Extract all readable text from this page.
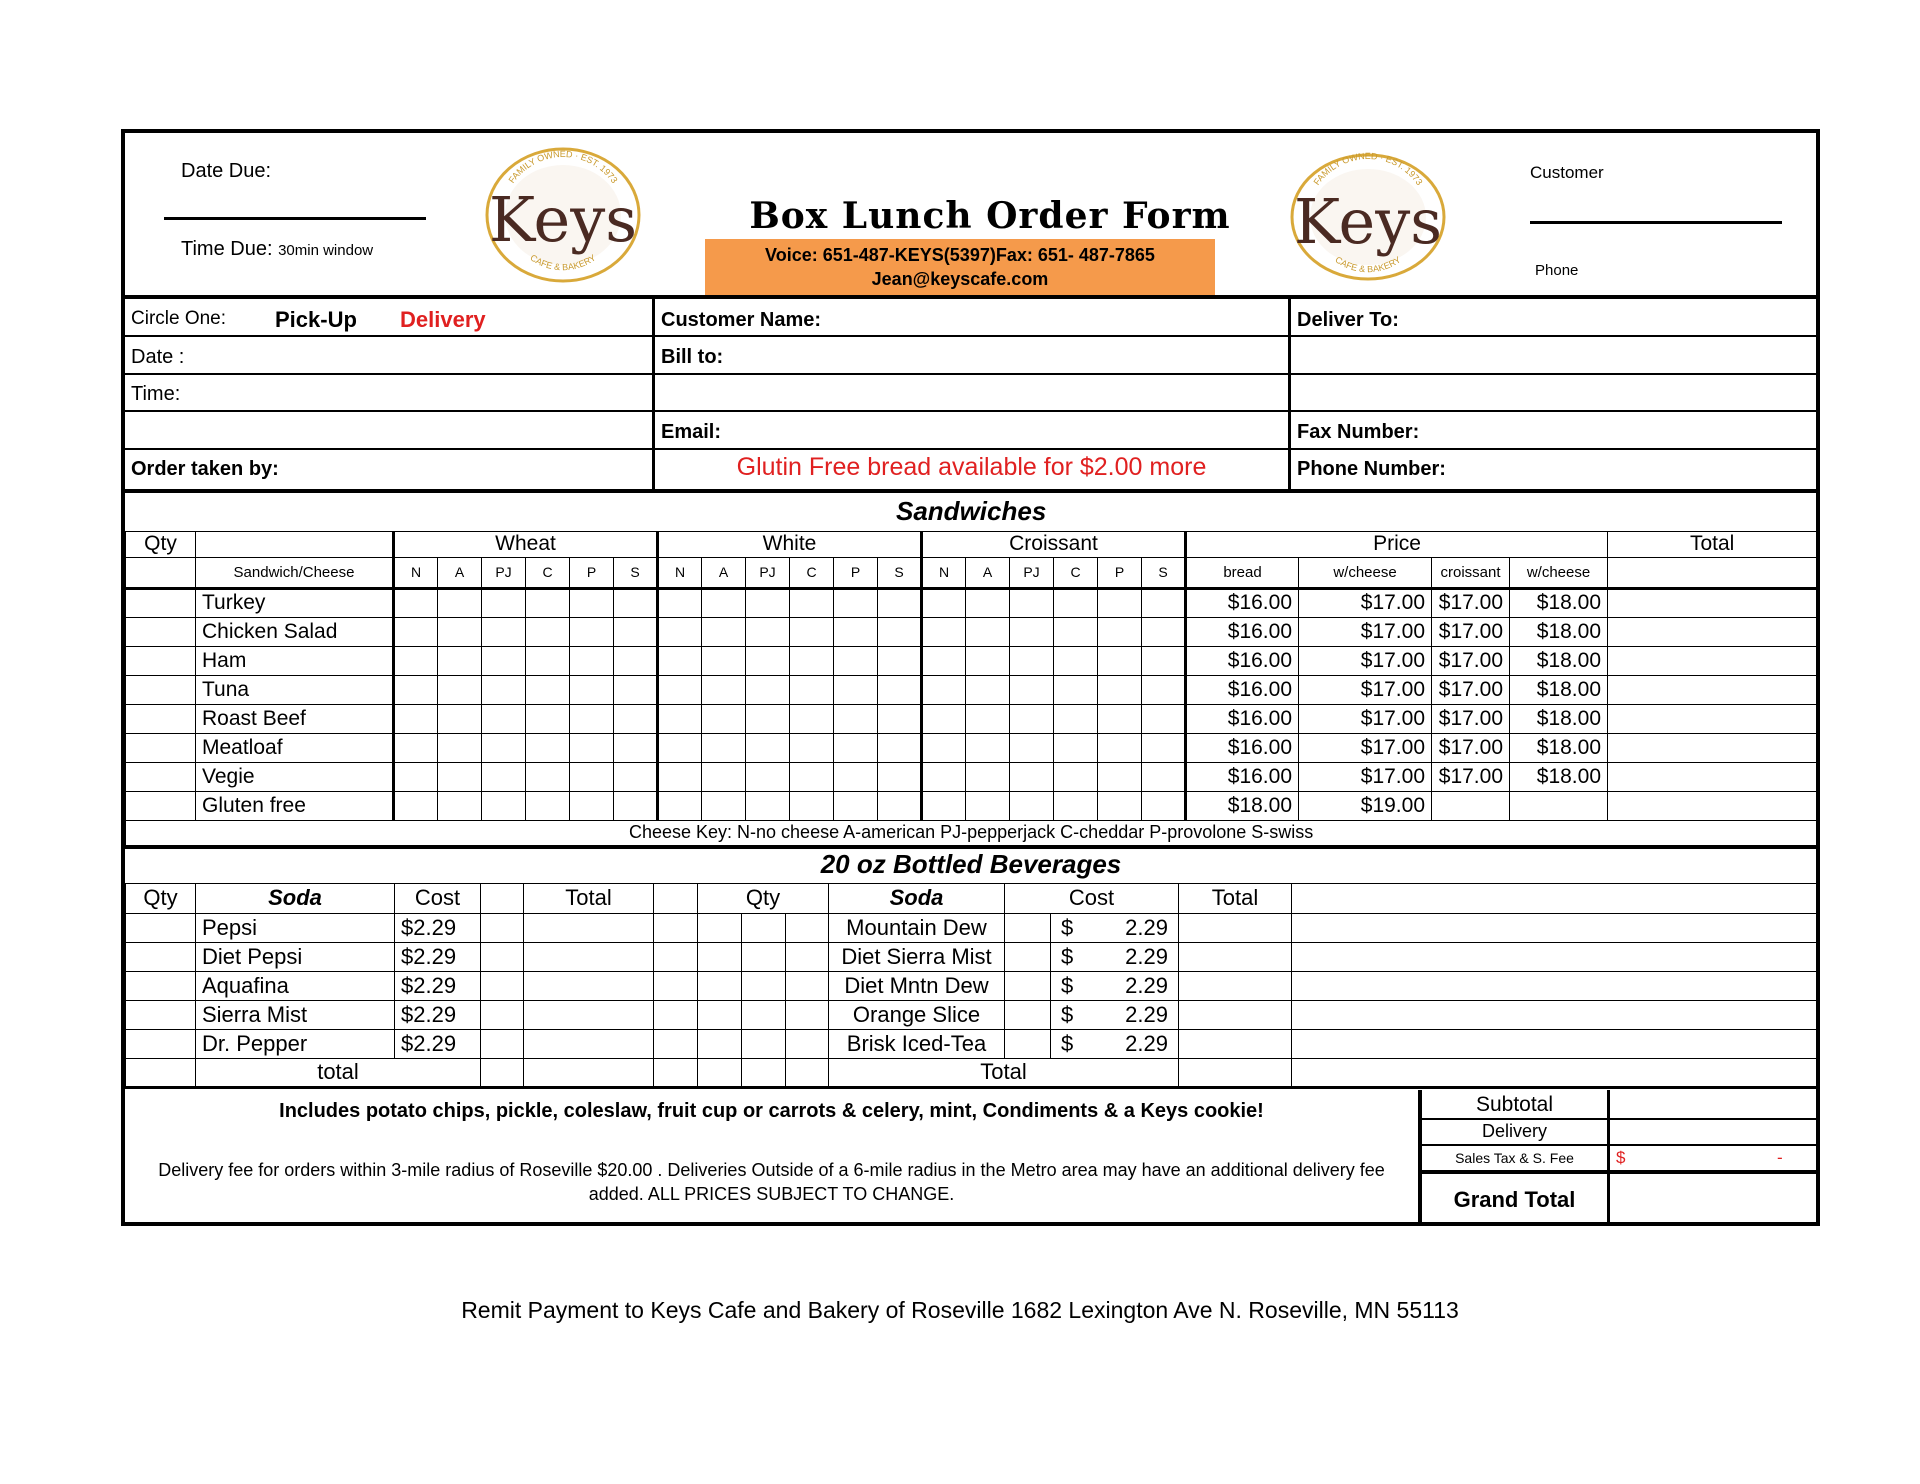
Date Due:
Time Due: 30min window
FAMILY OWNED · EST. 1973
Keys
CAFE & BAKERY
Box Lunch Order Form
Voice: 651-487-KEYS(5397)Fax: 651- 487-7865
Jean@keyscafe.com
FAMILY OWNED · EST. 1973
Keys
CAFE & BAKERY
Customer
Phone
Circle One: Pick-Up Delivery
Date :
Time:
Order taken by:
Customer Name:
Bill to:
Email:
Glutin Free bread available for $2.00 more
Deliver To:
Fax Number:
Phone Number:
Sandwiches																								
Qty		Wheat						White						Croissant						Price				Total
	Sandwich/Cheese	N	A	PJ	C	P	S	N	A	PJ	C	P	S	N	A	PJ	C	P	S	bread	w/cheese	croissant	w/cheese	
	Turkey																			$16.00	$17.00	$17.00	$18.00	
	Chicken Salad																			$16.00	$17.00	$17.00	$18.00	
	Ham																			$16.00	$17.00	$17.00	$18.00	
	Tuna																			$16.00	$17.00	$17.00	$18.00	
	Roast Beef																			$16.00	$17.00	$17.00	$18.00	
	Meatloaf																			$16.00	$17.00	$17.00	$18.00	
	Vegie																			$16.00	$17.00	$17.00	$18.00	
	Gluten free																			$18.00	$19.00			
Cheese Key: N-no cheese A-american PJ-pepperjack C-cheddar P-provolone S-swiss																								
20 oz Bottled Beverages													
Qty	Soda	Cost		Total		Qty			Soda	Cost		Total	
	Pepsi	$2.29							Mountain Dew		$ 2.29		

	Diet Pepsi	$2.29							Diet Sierra Mist		$ 2.29		

	Aquafina	$2.29							Diet Mntn Dew		$ 2.29		

	Sierra Mist	$2.29							Orange Slice		$ 2.29		

	Dr. Pepper	$2.29							Brisk Iced-Tea		$ 2.29		

	total								Total				
Includes potato chips, pickle, coleslaw, fruit cup or carrots & celery, mint, Condiments & a Keys cookie!
Delivery fee for orders within 3-mile radius of Roseville $20.00 . Deliveries Outside of a 6-mile radius in the Metro area may have an additional delivery fee added. ALL PRICES SUBJECT TO CHANGE.
Subtotal
Delivery
Sales Tax & S. Fee	$	-
Grand Total
Remit Payment to Keys Cafe and Bakery of Roseville 1682 Lexington Ave N. Roseville, MN 55113
